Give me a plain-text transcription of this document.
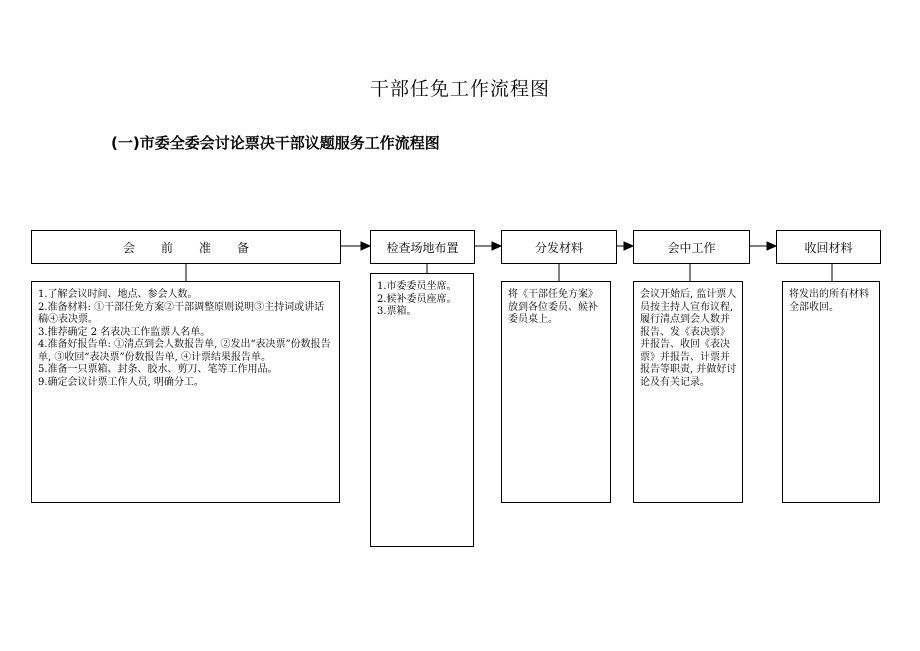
干部任免工作流程图
(一)市委全委会讨论票决干部议题服务工作流程图
会前准备	检查场地布置	分发材料	会中工作	收回材料
1.了解会议时间、地点、参会人数。
2.准备材料: ①干部任免方案②干部调整原则说明③主持词或讲话稿④表决票。
3.推荐确定 2 名表决工作监票人名单。
4.准备好报告单: ①清点到会人数报告单, ②发出“表决票”份数报告单, ③收回“表决票”份数报告单, ④计票结果报告单。
5.准备一只票箱、封条、胶水、剪刀、笔等工作用品。
9.确定会议计票工作人员, 明确分工。
1.市委委员坐席。
2.候补委员座席。
3.票箱。
将《干部任免方案》放到各位委员、候补委员桌上。
会议开始后, 监计票人员按主持人宣布议程, 履行清点到会人数并报告、发《表决票》并报告、收回《表决票》并报告、计票并报告等职责, 并做好讨论及有关记录。
将发出的所有材料全部收回。
